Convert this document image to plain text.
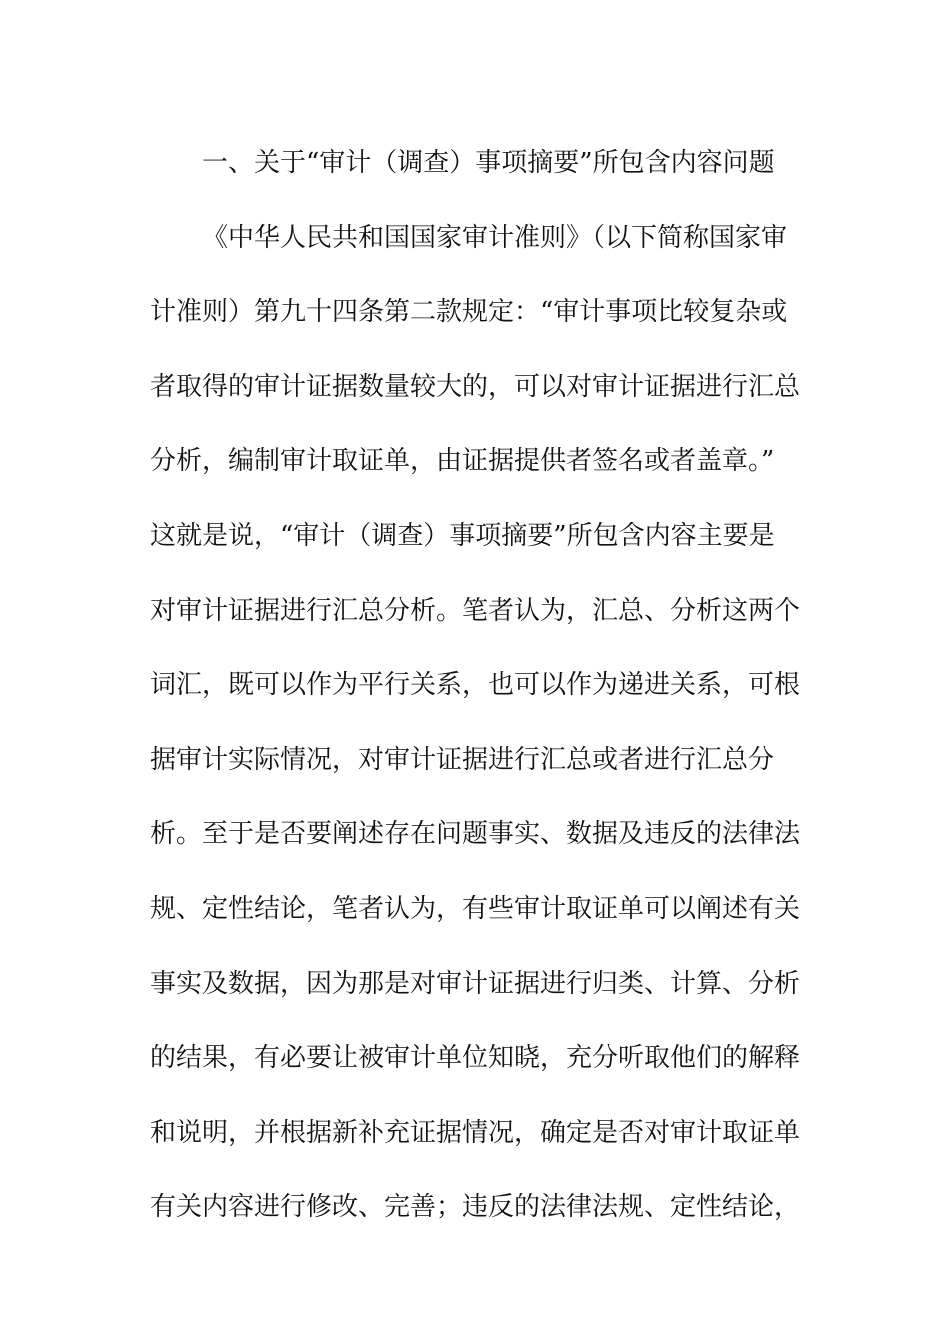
一、关于“审计（调查）事项摘要”所包含内容问题
《中华人民共和国国家审计准则》（以下简称国家审
计准则）第九十四条第二款规定：“审计事项比较复杂或
者取得的审计证据数量较大的，可以对审计证据进行汇总
分析，编制审计取证单，由证据提供者签名或者盖章。”
这就是说，“审计（调查）事项摘要”所包含内容主要是
对审计证据进行汇总分析。笔者认为，汇总、分析这两个
词汇，既可以作为平行关系，也可以作为递进关系，可根
据审计实际情况，对审计证据进行汇总或者进行汇总分
析。至于是否要阐述存在问题事实、数据及违反的法律法
规、定性结论，笔者认为，有些审计取证单可以阐述有关
事实及数据，因为那是对审计证据进行归类、计算、分析
的结果，有必要让被审计单位知晓，充分听取他们的解释
和说明，并根据新补充证据情况，确定是否对审计取证单
有关内容进行修改、完善；违反的法律法规、定性结论，
